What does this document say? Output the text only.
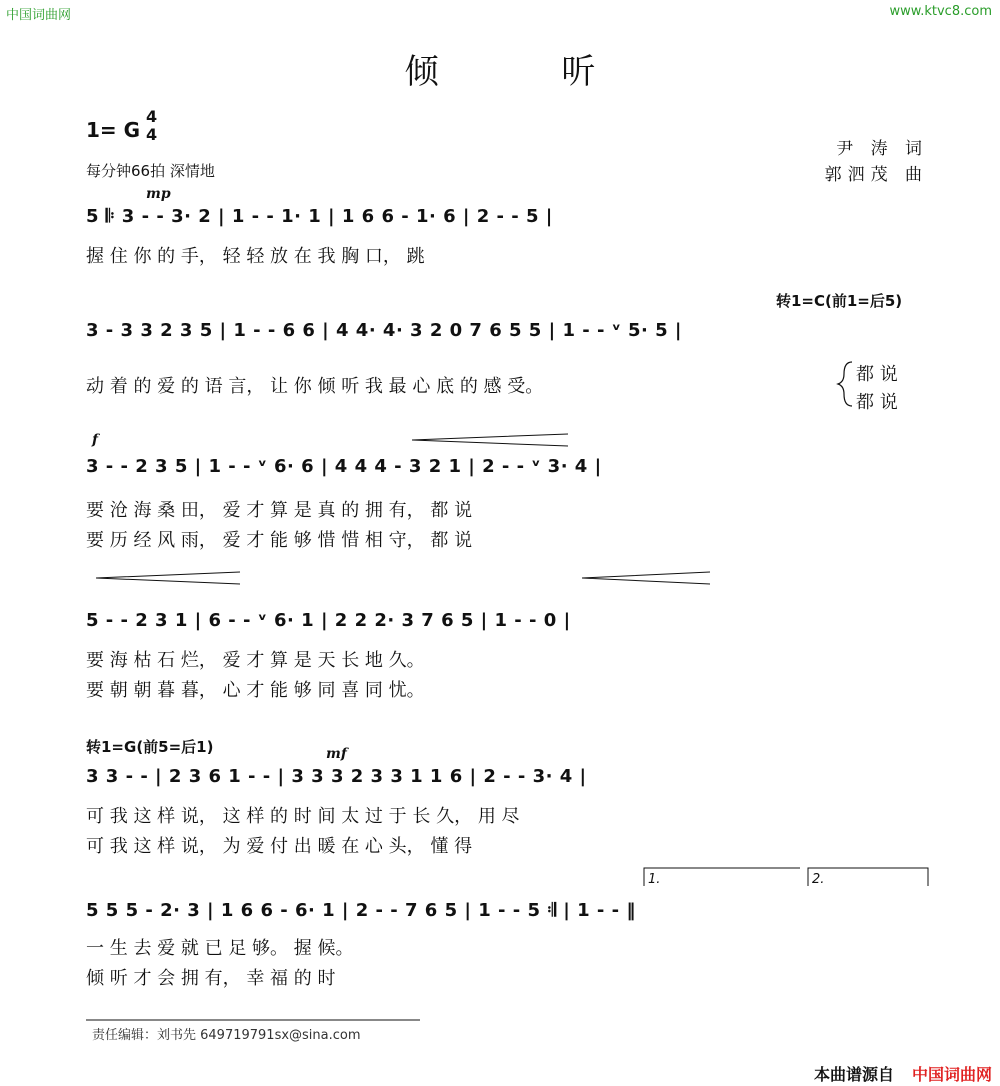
中国词曲网	www.ktvc8.com
倾 听
1= G
4
4
每分钟66拍 深情地
尹 涛 词
郭泗茂 曲
mp
5 𝄆 3 - - 3· 2 | 1 - - 1· 1 | 1 6 6 - 1· 6 | 2 - - 5 |
握 住 你 的 手， 轻 轻 放 在 我 胸 口， 跳
转1=C(前1=后5)
3 - 3 3 2 3 5 | 1 - - 6 6 | 4 4· 4· 3 2 0 7 6 5 5 | 1 - - ᵛ 5· 5 |
动 着 的 爱 的 语 言， 让 你 倾 听 我 最 心 底 的 感 受。
都 说
都 说
f
3 - - 2 3 5 | 1 - - ᵛ 6· 6 | 4 4 4 - 3 2 1 | 2 - - ᵛ 3· 4 |
要 沧 海 桑 田， 爱 才 算 是 真 的 拥 有， 都 说
要 历 经 风 雨， 爱 才 能 够 惜 惜 相 守， 都 说
5 - - 2 3 1 | 6 - - ᵛ 6· 1 | 2 2 2· 3 7 6 5 | 1 - - 0 |
要 海 枯 石 烂， 爱 才 算 是 天 长 地 久。
要 朝 朝 暮 暮， 心 才 能 够 同 喜 同 忧。
转1=G(前5=后1)	mf
3 3 - - | 2 3 6 1 - - | 3 3 3 2 3 3 1 1 6 | 2 - - 3· 4 |
可 我 这 样 说， 这 样 的 时 间 太 过 于 长 久， 用 尽
可 我 这 样 说， 为 爱 付 出 暖 在 心 头， 懂 得
1.	2.
5 5 5 - 2· 3 | 1 6 6 - 6· 1 | 2 - - 7 6 5 | 1 - - 5 𝄇 | 1 - - ‖
一 生 去 爱 就 已 足 够。 握 候。
倾 听 才 会 拥 有， 幸 福 的 时
责任编辑：刘书先 649719791sx@sina.com
本曲谱源自 中国词曲网
